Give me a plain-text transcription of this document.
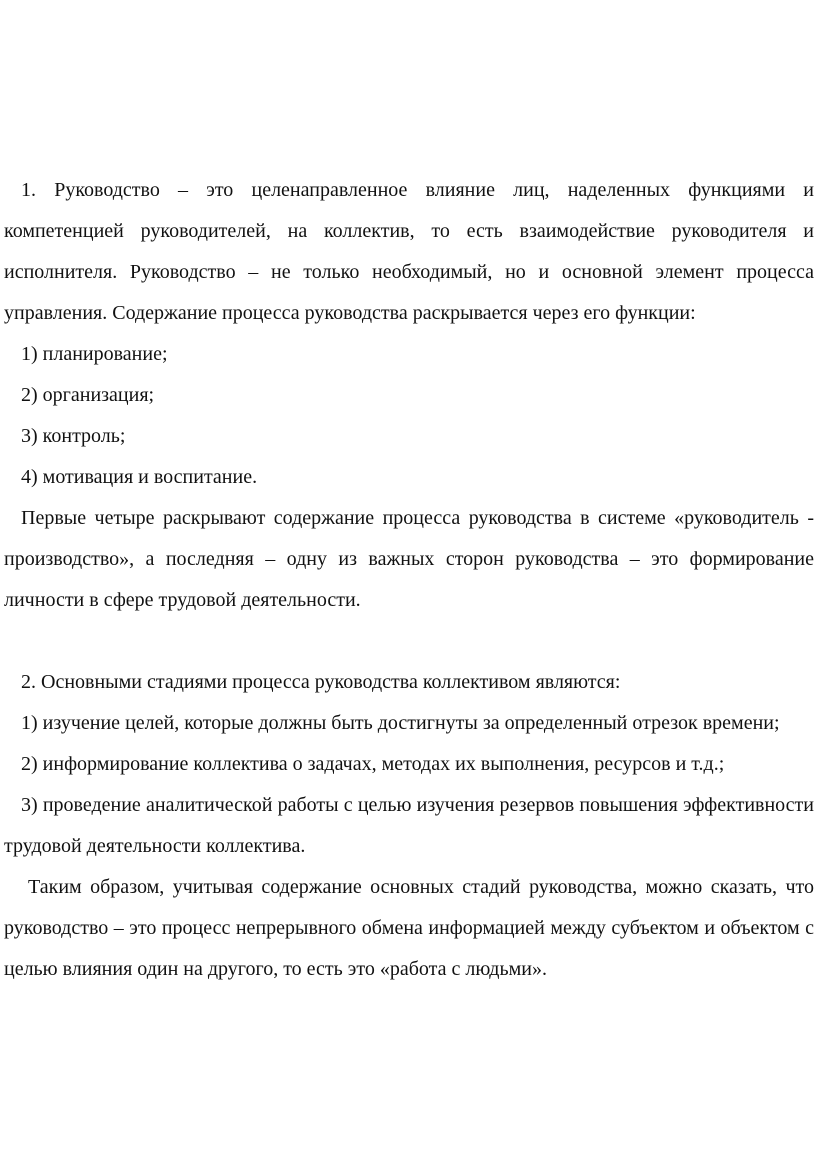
1. Руководство – это целенаправленное влияние лиц, наделенных функциями и компетенцией руководителей, на коллектив, то есть взаимодействие руководителя и исполнителя. Руководство – не только необходимый, но и основной элемент процесса управления. Содержание процесса руководства раскрывается через его функции:

1) планирование;

2) организация;

3) контроль;

4) мотивация и воспитание.

Первые четыре раскрывают содержание процесса руководства в системе «руководитель - производство», а последняя – одну из важных сторон руководства – это формирование личности в сфере трудовой деятельности.

2. Основными стадиями процесса руководства коллективом являются:

1) изучение целей, которые должны быть достигнуты за определенный отрезок времени;

2) информирование коллектива о задачах, методах их выполнения, ресурсов и т.д.;

3) проведение аналитической работы с целью изучения резервов повышения эффективности трудовой деятельности коллектива.

Таким образом, учитывая содержание основных стадий руководства, можно сказать, что руководство – это процесс непрерывного обмена информацией между субъектом и объектом с целью влияния один на другого, то есть это «работа с людьми».
